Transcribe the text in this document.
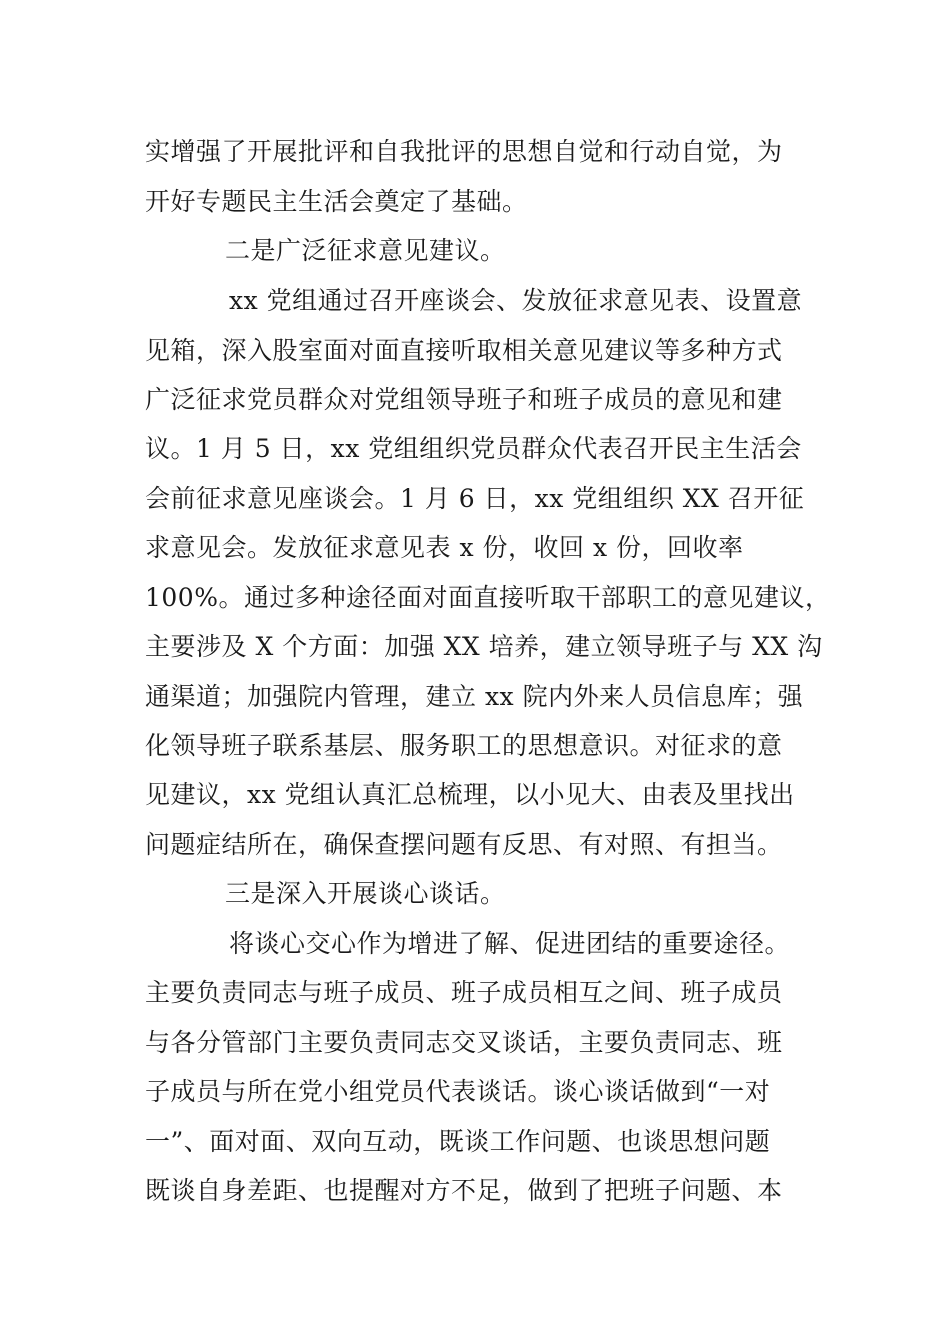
实增强了开展批评和自我批评的思想自觉和行动自觉，为
开好专题民主生活会奠定了基础。
二是广泛征求意见建议。
xx 党组通过召开座谈会、发放征求意见表、设置意
见箱，深入股室面对面直接听取相关意见建议等多种方式
广泛征求党员群众对党组领导班子和班子成员的意见和建
议。1 月 5 日，xx 党组组织党员群众代表召开民主生活会
会前征求意见座谈会。1 月 6 日，xx 党组组织 XX 召开征
求意见会。发放征求意见表 x 份，收回 x 份，回收率
100%。通过多种途径面对面直接听取干部职工的意见建议，
主要涉及 X 个方面：加强 XX 培养，建立领导班子与 XX 沟
通渠道；加强院内管理，建立 xx 院内外来人员信息库；强
化领导班子联系基层、服务职工的思想意识。对征求的意
见建议，xx 党组认真汇总梳理，以小见大、由表及里找出
问题症结所在，确保查摆问题有反思、有对照、有担当。
三是深入开展谈心谈话。
将谈心交心作为增进了解、促进团结的重要途径。
主要负责同志与班子成员、班子成员相互之间、班子成员
与各分管部门主要负责同志交叉谈话，主要负责同志、班
子成员与所在党小组党员代表谈话。谈心谈话做到“一对
一”、面对面、双向互动，既谈工作问题、也谈思想问题
既谈自身差距、也提醒对方不足，做到了把班子问题、本
